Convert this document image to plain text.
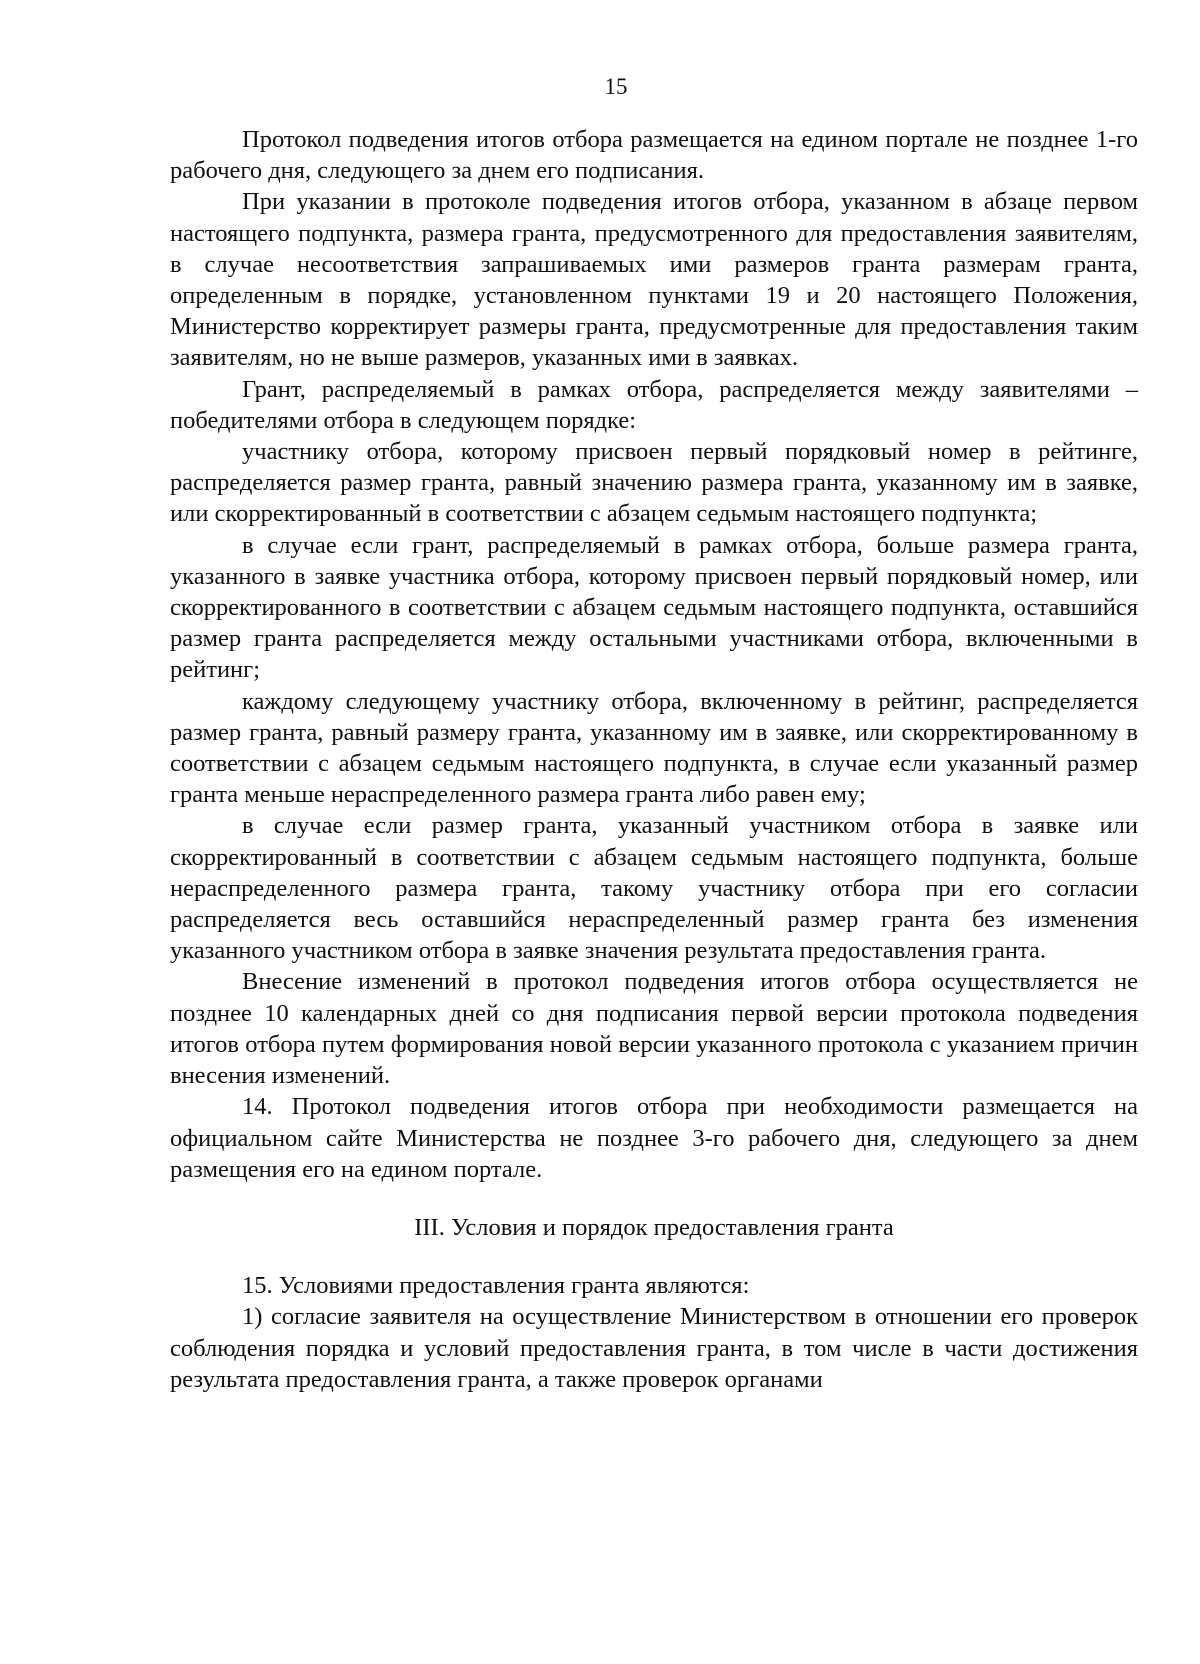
15

Протокол подведения итогов отбора размещается на едином портале не позднее 1-го рабочего дня, следующего за днем его подписания.

При указании в протоколе подведения итогов отбора, указанном в абзаце первом настоящего подпункта, размера гранта, предусмотренного для предоставления заявителям, в случае несоответствия запрашиваемых ими размеров гранта размерам гранта, определенным в порядке, установленном пунктами 19 и 20 настоящего Положения, Министерство корректирует размеры гранта, предусмотренные для предоставления таким заявителям, но не выше размеров, указанных ими в заявках.

Грант, распределяемый в рамках отбора, распределяется между заявителями – победителями отбора в следующем порядке:

участнику отбора, которому присвоен первый порядковый номер в рейтинге, распределяется размер гранта, равный значению размера гранта, указанному им в заявке, или скорректированный в соответствии с абзацем седьмым настоящего подпункта;

в случае если грант, распределяемый в рамках отбора, больше размера гранта, указанного в заявке участника отбора, которому присвоен первый порядковый номер, или скорректированного в соответствии с абзацем седьмым настоящего подпункта, оставшийся размер гранта распределяется между остальными участниками отбора, включенными в рейтинг;

каждому следующему участнику отбора, включенному в рейтинг, распределяется размер гранта, равный размеру гранта, указанному им в заявке, или скорректированному в соответствии с абзацем седьмым настоящего подпункта, в случае если указанный размер гранта меньше нераспределенного размера гранта либо равен ему;

в случае если размер гранта, указанный участником отбора в заявке или скорректированный в соответствии с абзацем седьмым настоящего подпункта, больше нераспределенного размера гранта, такому участнику отбора при его согласии распределяется весь оставшийся нераспределенный размер гранта без изменения указанного участником отбора в заявке значения результата предоставления гранта.

Внесение изменений в протокол подведения итогов отбора осуществляется не позднее 10 календарных дней со дня подписания первой версии протокола подведения итогов отбора путем формирования новой версии указанного протокола с указанием причин внесения изменений.

14. Протокол подведения итогов отбора при необходимости размещается на официальном сайте Министерства не позднее 3-го рабочего дня, следующего за днем размещения его на едином портале.

III. Условия и порядок предоставления гранта

15. Условиями предоставления гранта являются:

1) согласие заявителя на осуществление Министерством в отношении его проверок соблюдения порядка и условий предоставления гранта, в том числе в части достижения результата предоставления гранта, а также проверок органами
